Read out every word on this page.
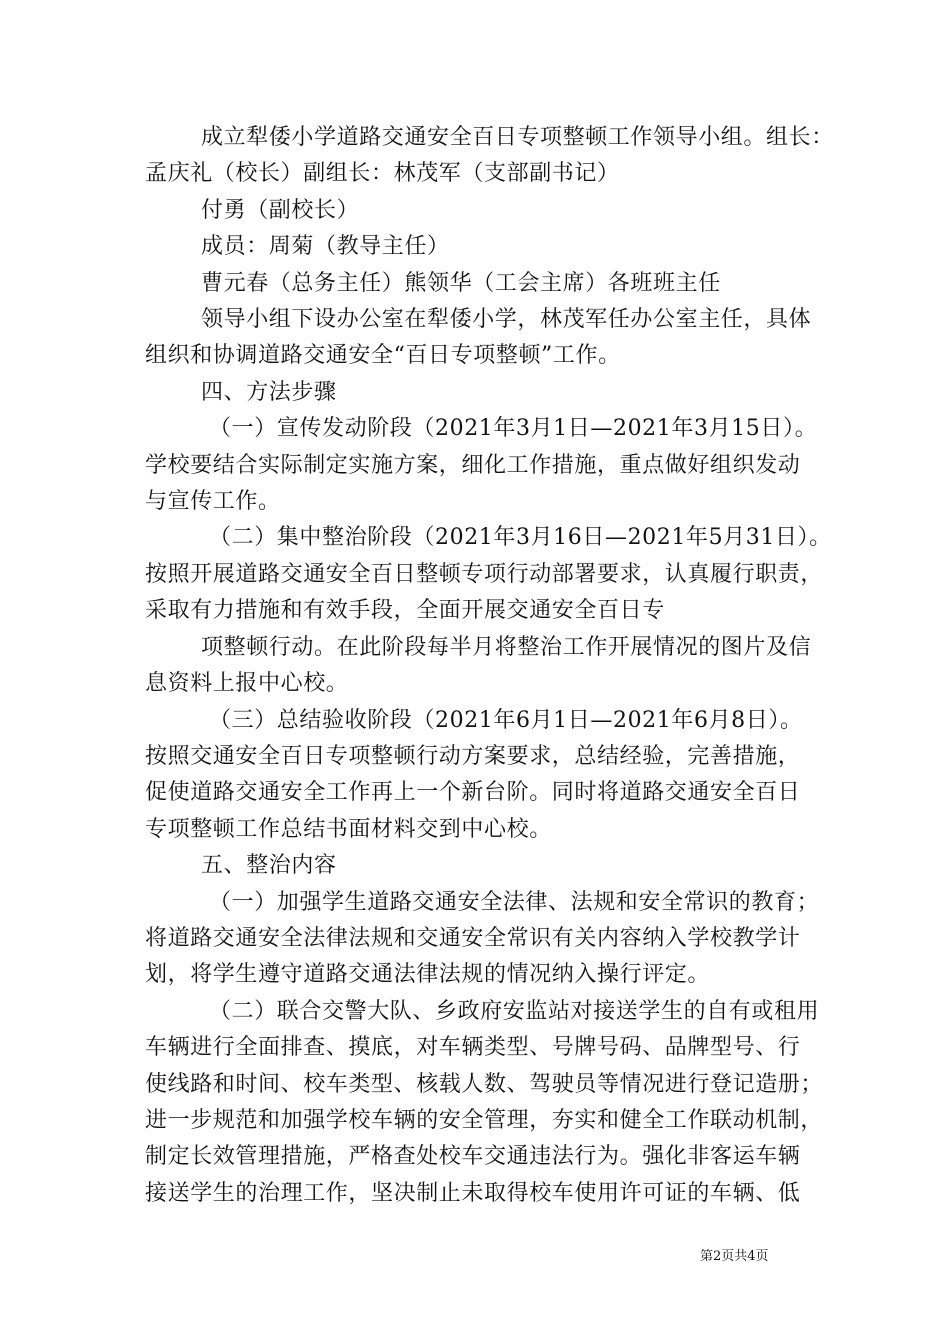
成立犁倭小学道路交通安全百日专项整顿工作领导小组。组长：

孟庆礼（校长）副组长：林茂军（支部副书记）

付勇（副校长）

成员：周菊（教导主任）

曹元春（总务主任）熊领华（工会主席）各班班主任

领导小组下设办公室在犁倭小学，林茂军任办公室主任，具体

组织和协调道路交通安全“百日专项整顿”工作。

四、方法步骤

（一）宣传发动阶段（2021年3月1日—2021年3月15日）。

学校要结合实际制定实施方案，细化工作措施，重点做好组织发动

与宣传工作。

（二）集中整治阶段（2021年3月16日—2021年5月31日）。

按照开展道路交通安全百日整顿专项行动部署要求，认真履行职责，

采取有力措施和有效手段，全面开展交通安全百日专

项整顿行动。在此阶段每半月将整治工作开展情况的图片及信

息资料上报中心校。

（三）总结验收阶段（2021年6月1日—2021年6月8日）。

按照交通安全百日专项整顿行动方案要求，总结经验，完善措施，

促使道路交通安全工作再上一个新台阶。同时将道路交通安全百日

专项整顿工作总结书面材料交到中心校。

五、整治内容

（一）加强学生道路交通安全法律、法规和安全常识的教育；

将道路交通安全法律法规和交通安全常识有关内容纳入学校教学计

划，将学生遵守道路交通法律法规的情况纳入操行评定。

（二）联合交警大队、乡政府安监站对接送学生的自有或租用

车辆进行全面排查、摸底，对车辆类型、号牌号码、品牌型号、行

使线路和时间、校车类型、核载人数、驾驶员等情况进行登记造册；

进一步规范和加强学校车辆的安全管理，夯实和健全工作联动机制，

制定长效管理措施，严格查处校车交通违法行为。强化非客运车辆

接送学生的治理工作，坚决制止未取得校车使用许可证的车辆、低

第2页共4页
